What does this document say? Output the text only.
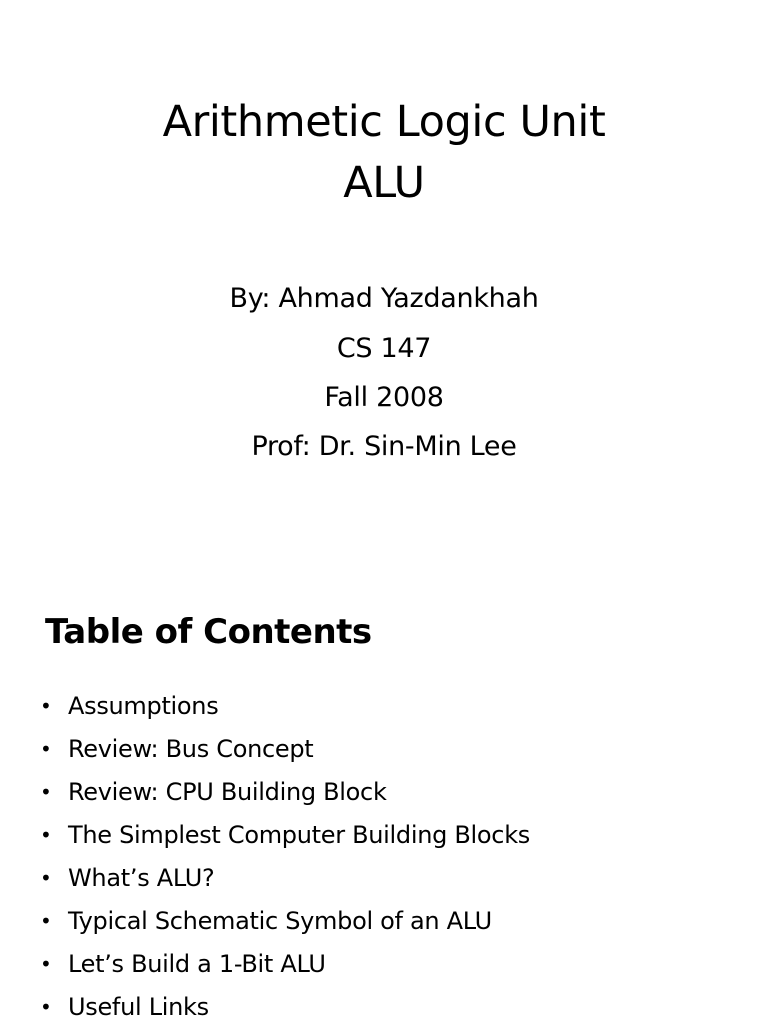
Arithmetic Logic Unit
ALU
By: Ahmad Yazdankhah
CS 147
Fall 2008
Prof: Dr. Sin-Min Lee
Table of Contents
• Assumptions
• Review: Bus Concept
• Review: CPU Building Block
• The Simplest Computer Building Blocks
• What’s ALU?
• Typical Schematic Symbol of an ALU
• Let’s Build a 1-Bit ALU
• Useful Links
